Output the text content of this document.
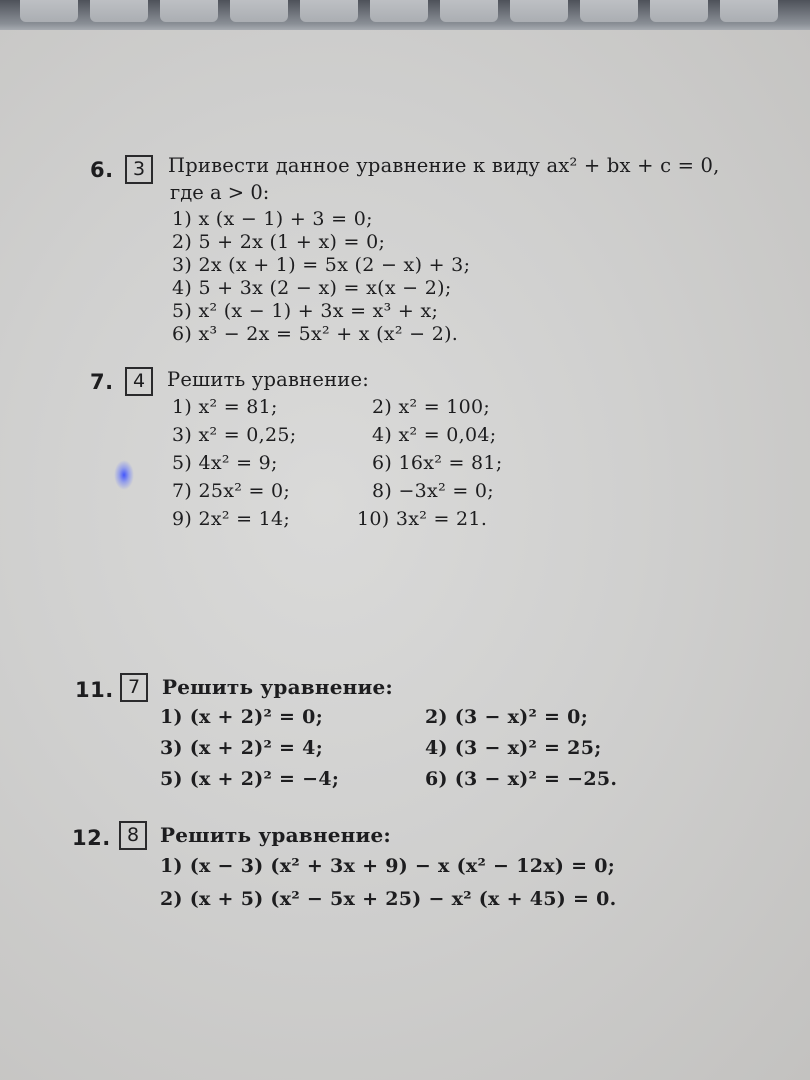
6.	3	Привести данное уравнение к виду ax² + bx + c = 0,
где a > 0:
1) x (x − 1) + 3 = 0;
2) 5 + 2x (1 + x) = 0;
3) 2x (x + 1) = 5x (2 − x) + 3;
4) 5 + 3x (2 − x) = x(x − 2);
5) x² (x − 1) + 3x = x³ + x;
6) x³ − 2x = 5x² + x (x² − 2).
7.	4	Решить уравнение:
1) x² = 81;	2) x² = 100;
3) x² = 0,25;	4) x² = 0,04;
5) 4x² = 9;	6) 16x² = 81;
7) 25x² = 0;	8) −3x² = 0;
9) 2x² = 14;	10) 3x² = 21.
11. 7	Решить уравнение:
1) (x + 2)² = 0;	2) (3 − x)² = 0;
3) (x + 2)² = 4;	4) (3 − x)² = 25;
5) (x + 2)² = −4;	6) (3 − x)² = −25.
12. 8	Решить уравнение:
1) (x − 3) (x² + 3x + 9) − x (x² − 12x) = 0;
2) (x + 5) (x² − 5x + 25) − x² (x + 45) = 0.
